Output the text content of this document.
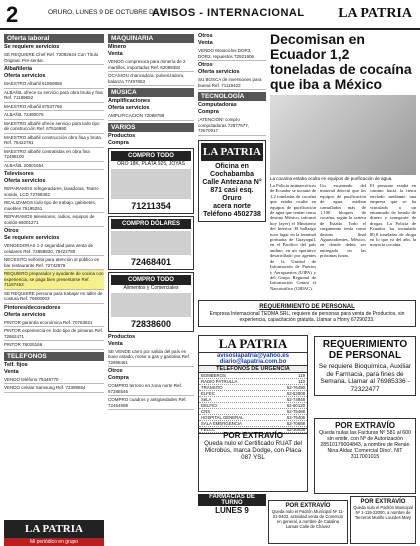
2	ORURO, LUNES 9 DE OCTUBRE DE 2017
AVISOS - INTERNACIONAL LA PATRIA
Oferta laboral
Se requiere servicios
SE REQUIERE Chef Ref. 72092644 Con Título Original. Pre-sentar.
Albañilería
Oferta servicios
MAESTRO Albañil 61860865
ALBAÑIL ofrece su servicio para obra bruta y fina Ref. 71189652
MAESTRO Albañil 67537766
ALBAÑIL 72480076
MAESTRO albañil ofrece servicio para todo tipo de construcción Ref. 67516990
MAESTRO albañil construcción obra fina y bruta. Ref. 76422781
MAESTRO albañil contratistas en obra fina 72498100
ALBAÑIL 20501554
Televisores
Oferta servicios
REPARAMOS refrigeradores, lavadoras, Teatro sonido, LCD 72768452
REALIZAMOS todo tipo de trabajo, gabinetes, muebles 76195251
REPARAMOS televisores, radios, equipos de sonido 65001271
Otros
Se requiere servicios
VENDEDORAS 1-2 seguridad para venta de celulares Ref. 72868820, 78422780
NECESITO señorita para atención al público en bar restaurante Ref. 72742979
REQUIERO preparador y ayudante de cocina con experiencia, se paga bien presentarse Ref. 71187463
SE REQUIERE persona para trabajar en taller de costura Ref. 76500003
Pintores/decoradores
Oferta servicios
PINTOR garantía económica Ref. 70763621
PINTOR experiencia en todo tipo de pinturas Ref. 72862471
PINTOR 76025166
TELEFONOS
Telf. fijos
Venta
VENDO teléfono 75448770
VENDO celular Samsung Ref. 72398654
MAQUINARIA
Minero
Venta
VENDO compresora para minería de 2 martillos, importados Ref. 62088384
OCASION chancadora, pulverizadora, balanza 77497653
MÚSICA
Amplificaciones
Oferta servicios
AMPLIFICACION 72088788
VARIOS
Productos
Compra
COMPRO TODO
ORO 18K, PLATA 925, JOYAS
71211354
COMPRO DÓLARES
72468401
COMPRO TODO
Alimentos y Comerciales
72838600
Productos
Venta
SE VENDE carro por salida del país en buen estado, motor a gas y gasolina Ref. 72698461
Otros
Compra
COMPRO terreno en zona norte Ref. 67286546
COMPRO cuadros y antigüedades Ref. 72454698
Otros
Venta
VENDO Motociclos DOR3, DOR2, repuestos 72921906
Otros
Oferta servicios
SU BOSCA de inversiones para buena Ref. 71119422
TECNOLOGÍA
Computadoras
Compra
¡ATENCIÓN! compro computadoras 72877677, 72670917
LA PATRIA
Oficina en
Cochabamba
Calle Antezana N°
871 casi esq. Oruro
acera norte
Teléfono 4502738
Decomisan en Ecuador 1,2 toneladas de cocaína que iba a México
La cocaína estaba oculta en equipos de purificación de agua.
La Policía antinarcóticos de Ecuador se incautó de 1,2 toneladas de cocaína que estaba oculta en equipos de purificación de agua que tenían como destino México, informó hoy (ayer) el Ministerio del Interior. El hallazgo tuvo lugar en la terminal portuaria de Guayaquil, en el Pacífico del país andino, en un operativo desarrollado por agentes de la Unidad de Información de Puertos y Aeropuertos (UIPA) y del Grupo Regional de Información Contra el Narcotráfico (GRIAC).
Un escaneado del material detectó que los equipos de purificación de agua, estaban camuflados más de 1.100 bloques de cocaína, según la cartera de Estado. Todo el cargamento tenía como destino final Aguascalientes, México, en donde debía ser entregado en las próximas horas.
El presunto estaba en camino hacia la tierra enviado mediante una empresa que se ha vinculado a un entramado de lavado de dinero y transporte de drogas. La Policía de Ecuador ha incautado 80,8 toneladas de droga en lo que va del año, la mayoría cocaína.
REQUERIMIENTO DE PERSONAL
Empresa Internacional TEDMA SRL, requiere de personas para venta de Productos, sin experiencia, capacitación gratuita. Llamar a Horry 67290233.
LA PATRIA
avisoslapatria@yahoo.es
diario@lapatria.com.bo
TELÉFONOS DE URGENCIA
BOMBEROS	119
RADIO PATRULLA	110
TRÁNSITO	52-76480
ELFEC	52-62808
SeLA	52-74848
DELFICI	52-60120
CNS	52-75488
HOSPITAL GENERAL	52-75406
SALA EMERGENCIA	52-70688
FELCC	52-30036
REQUERIMIENTO DE PERSONAL
Se requiere Bioquímica, Auxiliar de Farmacia, para fines de Semana. Llamar al 76985336 - 72322477
POR EXTRAVÍO
Queda nulas las Facturas Nº 581 al 600 sin emitir, con Nº de Autorización 28510179004843, a nombre de Renán Nina Aldaz 'Comercial Dino', NIT 3117001015
POR EXTRAVÍO
Queda nulo el Certificado RUAT del Microbús, marca Dodge, con Placa 087 YSL
POR EXTRAVÍO
Queda nulo el Padrón Municipal Nº 11-01-0403, actividad venta de Comercio en general, a nombre de Catalina Lamas Calle de Chávez
POR EXTRAVÍO
Queda nulo el Padrón Municipal Nº 1-119-22000, a nombre de Terceros Murillo Lourdes Mary
FARMACIAS DE TURNO
LUNES 9
LA PATRIA
Mi periódico en grupo
